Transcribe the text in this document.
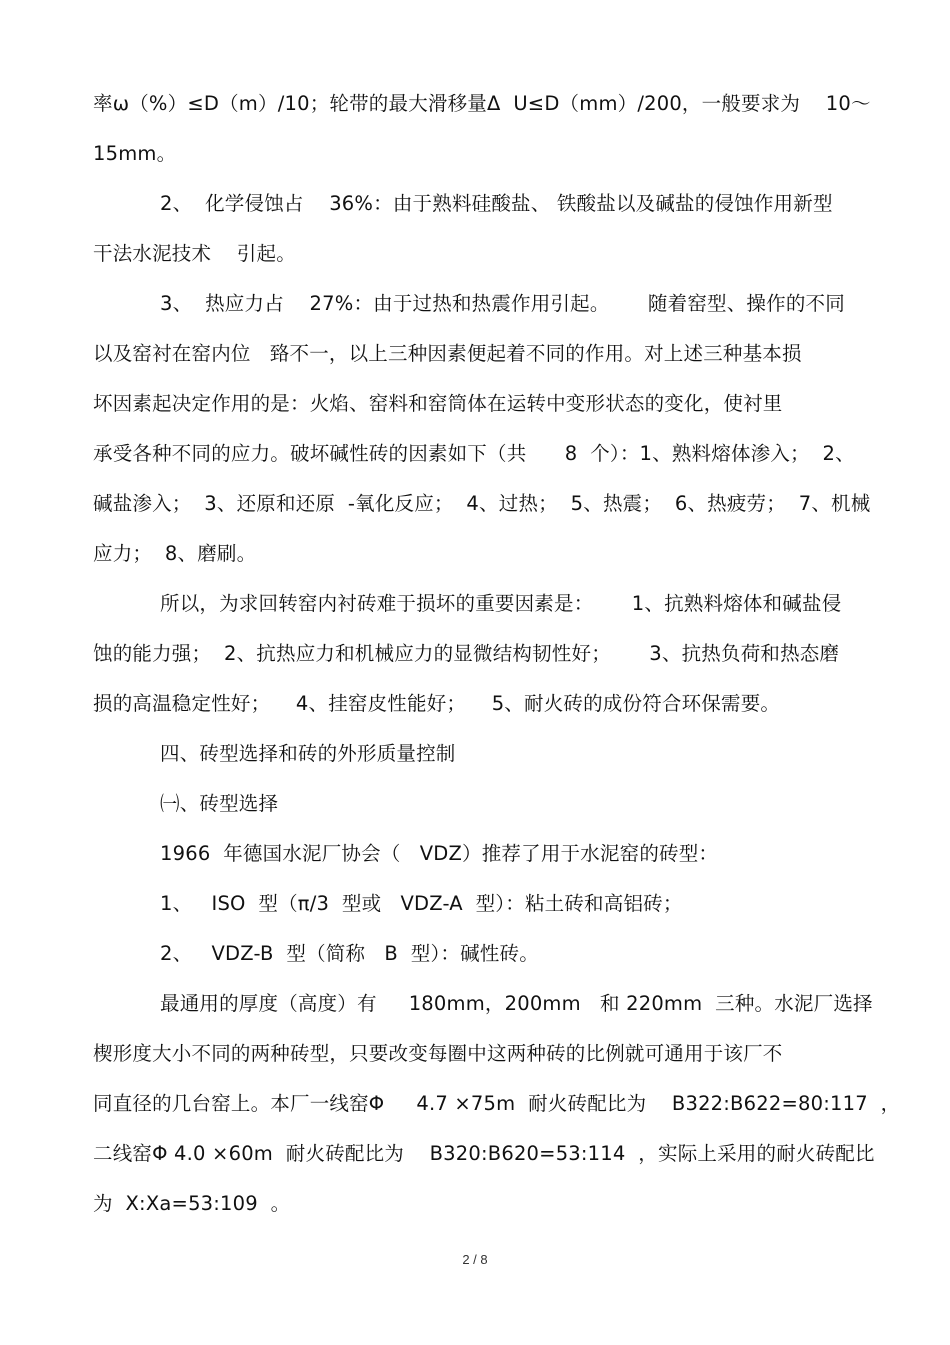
率ω（%）≤D（m）/10；轮带的最大滑移量Δ  U≤D（mm）/200，一般要求为    10～
15mm。
2、  化学侵蚀占    36%：由于熟料硅酸盐、 铁酸盐以及碱盐的侵蚀作用新型
干法水泥技术    引起。
3、  热应力占    27%：由于过热和热震作用引起。      随着窑型、操作的不同
以及窑衬在窑内位   臵不一，以上三种因素便起着不同的作用。对上述三种基本损
坏因素起决定作用的是：火焰、窑料和窑筒体在运转中变形状态的变化，使衬里
承受各种不同的应力。破坏碱性砖的因素如下（共      8  个）：1、熟料熔体渗入；  2、
碱盐渗入；  3、还原和还原  -氧化反应；  4、过热；  5、热震；  6、热疲劳；  7、机械
应力；  8、磨刷。
所以，为求回转窑内衬砖难于损坏的重要因素是：      1、抗熟料熔体和碱盐侵
蚀的能力强；  2、抗热应力和机械应力的显微结构韧性好；      3、抗热负荷和热态磨
损的高温稳定性好；    4、挂窑皮性能好；    5、耐火砖的成份符合环保需要。
四、砖型选择和砖的外形质量控制
㈠、砖型选择
1966  年德国水泥厂协会（   VDZ）推荐了用于水泥窑的砖型：
1、   ISO  型（π/3  型或   VDZ-A  型）：粘土砖和高铝砖；
2、   VDZ-B  型（简称   B  型）：碱性砖。
最通用的厚度（高度）有     180mm，200mm   和 220mm  三种。水泥厂选择
楔形度大小不同的两种砖型，只要改变每圈中这两种砖的比例就可通用于该厂不
同直径的几台窑上。本厂一线窑Φ     4.7 ×75m  耐火砖配比为    B322:B622=80:117  ，
二线窑Φ 4.0 ×60m  耐火砖配比为    B320:B620=53:114  ，实际上采用的耐火砖配比
为  X:Xa=53:109  。
2 / 8
